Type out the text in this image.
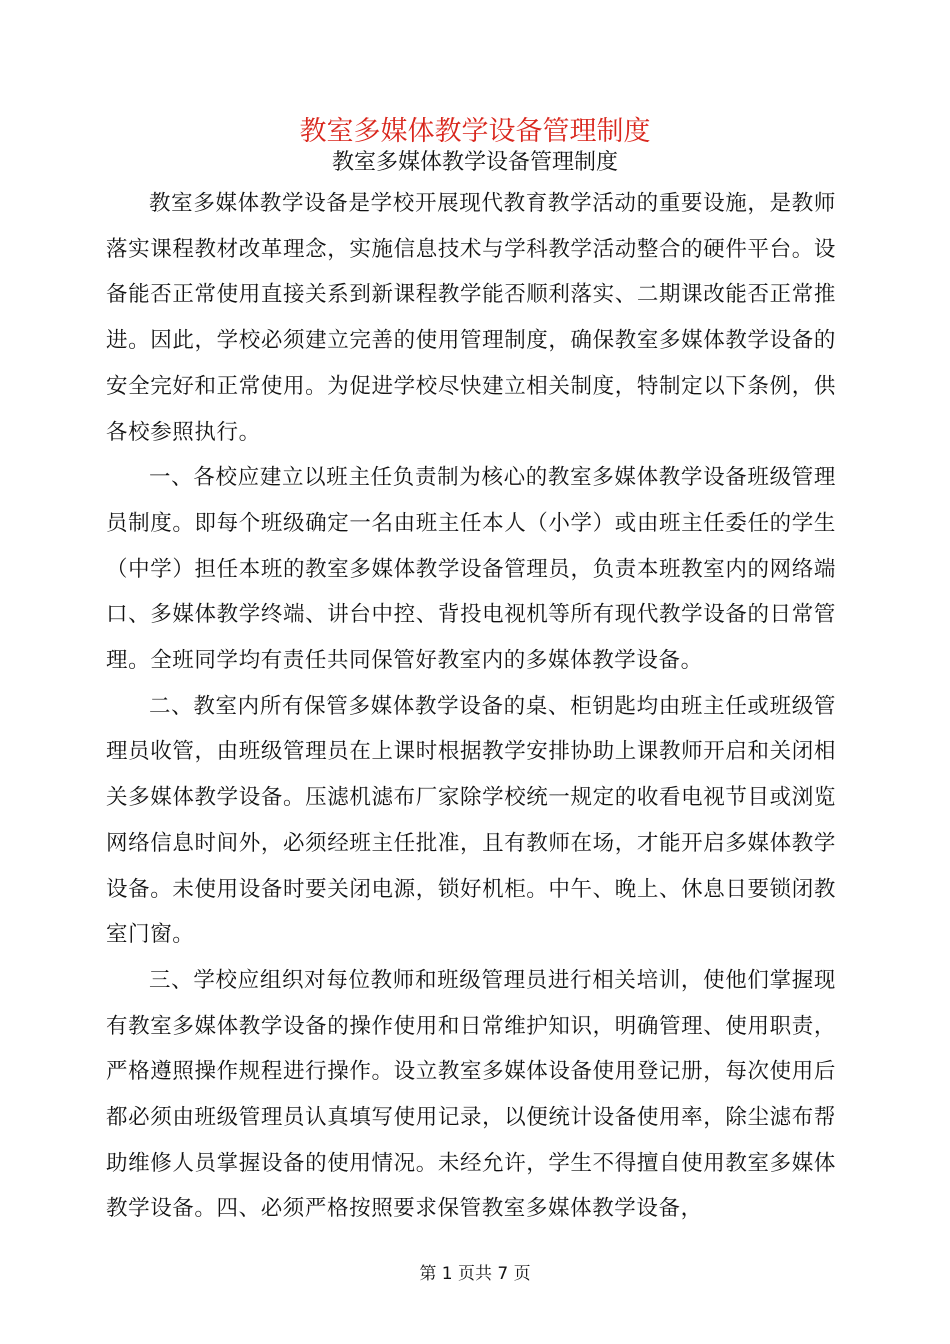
教室多媒体教学设备管理制度
教室多媒体教学设备管理制度

教室多媒体教学设备是学校开展现代教育教学活动的重要设施，是教师落实课程教材改革理念，实施信息技术与学科教学活动整合的硬件平台。设备能否正常使用直接关系到新课程教学能否顺利落实、二期课改能否正常推进。因此，学校必须建立完善的使用管理制度，确保教室多媒体教学设备的安全完好和正常使用。为促进学校尽快建立相关制度，特制定以下条例，供各校参照执行。

一、各校应建立以班主任负责制为核心的教室多媒体教学设备班级管理员制度。即每个班级确定一名由班主任本人（小学）或由班主任委任的学生（中学）担任本班的教室多媒体教学设备管理员，负责本班教室内的网络端口、多媒体教学终端、讲台中控、背投电视机等所有现代教学设备的日常管理。全班同学均有责任共同保管好教室内的多媒体教学设备。

二、教室内所有保管多媒体教学设备的桌、柜钥匙均由班主任或班级管理员收管，由班级管理员在上课时根据教学安排协助上课教师开启和关闭相关多媒体教学设备。压滤机滤布厂家除学校统一规定的收看电视节目或浏览网络信息时间外，必须经班主任批准，且有教师在场，才能开启多媒体教学设备。未使用设备时要关闭电源，锁好机柜。中午、晚上、休息日要锁闭教室门窗。

三、学校应组织对每位教师和班级管理员进行相关培训，使他们掌握现有教室多媒体教学设备的操作使用和日常维护知识，明确管理、使用职责，严格遵照操作规程进行操作。设立教室多媒体设备使用登记册，每次使用后都必须由班级管理员认真填写使用记录，以便统计设备使用率，除尘滤布帮助维修人员掌握设备的使用情况。未经允许，学生不得擅自使用教室多媒体教学设备。四、必须严格按照要求保管教室多媒体教学设备，

第 1 页共 7 页
